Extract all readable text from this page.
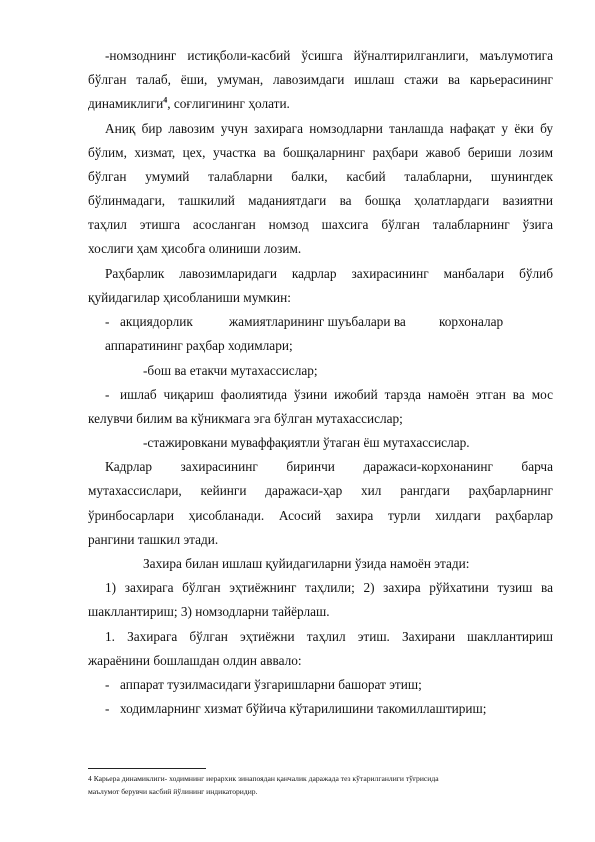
-номзоднинг истиқболи-касбий ўсишга йўналтирилганлиги, маълумотига
бўлган талаб, ёши, умуман, лавозимдаги ишлаш стажи ва карьерасининг
динамиклиги$^4$, соғлигининг ҳолати.
Аниқ бир лавозим учун захирага номзодларни танлашда нафақат у ёки бу
бўлим, хизмат, цех, участка ва бошқаларнинг раҳбари жавоб бериши лозим
бўлган умумий талабларни балки, касбий талабларни, шунингдек
бўлинмадаги, ташкилий маданиятдаги ва бошқа ҳолатлардаги вазиятни
таҳлил этишга асосланган номзод шахсига бўлган талабларнинг ўзига
хослиги ҳам ҳисобга олиниши лозим.
Раҳбарлик лавозимларидаги кадрлар захирасининг манбалари бўлиб
қуйидагилар ҳисобланиши мумкин:
- акциядорлик	жамиятларининг шуъбалари ва	корхоналар
аппаратининг раҳбар ходимлари;
-бош ва етакчи мутахассислар;
- ишлаб чиқариш фаолиятида ўзини ижобий тарзда намоён этган ва мос
келувчи билим ва кўникмага эга бўлган мутахассислар;
-стажировкани муваффақиятли ўтаган ёш мутахассислар.
Кадрлар захирасининг биринчи даражаси-корхонанинг барча
мутахассислари, кейинги даражаси-ҳар хил рангдаги раҳбарларнинг
ўринбосарлари ҳисобланади. Асосий захира турли хилдаги раҳбарлар
рангини ташкил этади.
Захира билан ишлаш қуйидагиларни ўзида намоён этади:
1) захирага бўлган эҳтиёжнинг таҳлили; 2) захира рўйхатини тузиш ва
шакллантириш; 3) номзодларни тайёрлаш.
1. Захирага бўлган эҳтиёжни таҳлил этиш. Захирани шакллантириш
жараёнини бошлашдан олдин аввало:
- аппарат тузилмасидаги ўзгаришларни башорат этиш;
- ходимларнинг хизмат бўйича кўтарилишини такомиллаштириш;
4 Карьера динамиклиги- ходимнинг иерархик зинапоядан қанчалик даражада тез кўтарилганлиги тўғрисида
маълумот берувчи касбий йўлининг индикаторидир.
